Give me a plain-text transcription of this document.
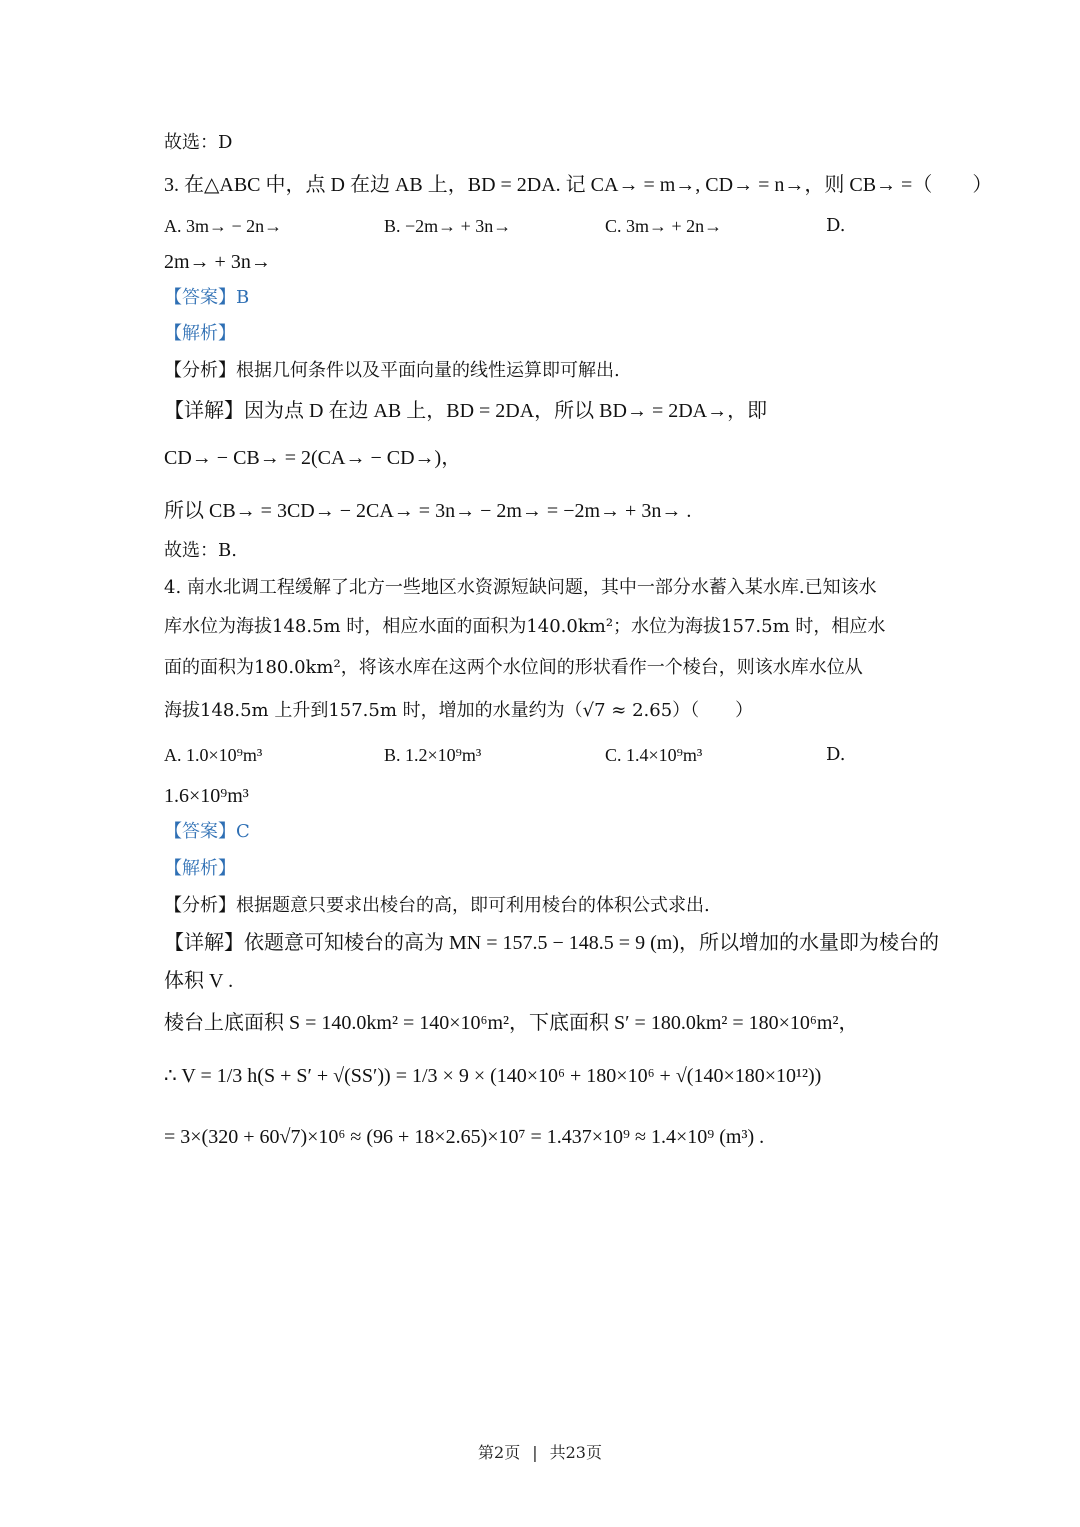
故选：D
3. 在△ABC 中，点 D 在边 AB 上，BD = 2DA. 记 CA→ = m→, CD→ = n→，则 CB→ =（　　）
A. 3m→ − 2n→	B. −2m→ + 3n→	C. 3m→ + 2n→	D.
2m→ + 3n→
【答案】B
【解析】
【分析】根据几何条件以及平面向量的线性运算即可解出.
【详解】因为点 D 在边 AB 上，BD = 2DA，所以 BD→ = 2DA→，即
CD→ − CB→ = 2(CA→ − CD→)，
所以 CB→ = 3CD→ − 2CA→ = 3n→ − 2m→ = −2m→ + 3n→ .
故选：B.
4. 南水北调工程缓解了北方一些地区水资源短缺问题，其中一部分水蓄入某水库.已知该水
库水位为海拔148.5m 时，相应水面的面积为140.0km²；水位为海拔157.5m 时，相应水
面的面积为180.0km²，将该水库在这两个水位间的形状看作一个棱台，则该水库水位从
海拔148.5m 上升到157.5m 时，增加的水量约为（√7 ≈ 2.65）（　　）
A. 1.0×10⁹m³	B. 1.2×10⁹m³	C. 1.4×10⁹m³	D.
1.6×10⁹m³
【答案】C
【解析】
【分析】根据题意只要求出棱台的高，即可利用棱台的体积公式求出.
【详解】依题意可知棱台的高为 MN = 157.5 − 148.5 = 9 (m)，所以增加的水量即为棱台的
体积 V .
棱台上底面积 S = 140.0km² = 140×10⁶m²，下底面积 S′ = 180.0km² = 180×10⁶m²，
∴ V = 1/3 h(S + S′ + √(SS′)) = 1/3 × 9 × (140×10⁶ + 180×10⁶ + √(140×180×10¹²))
= 3×(320 + 60√7)×10⁶ ≈ (96 + 18×2.65)×10⁷ = 1.437×10⁹ ≈ 1.4×10⁹ (m³) .
第2页 | 共23页
